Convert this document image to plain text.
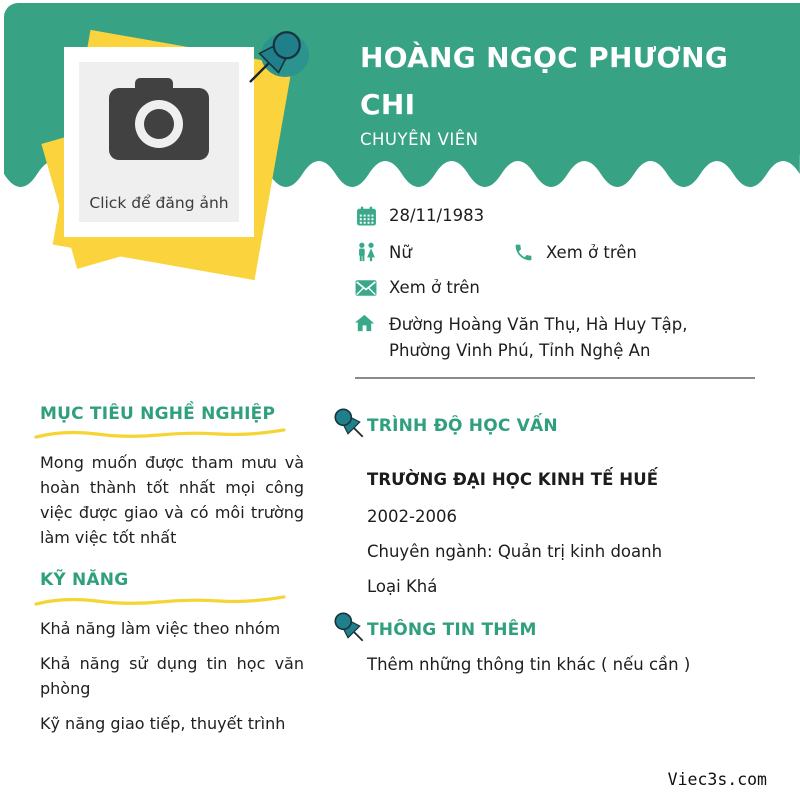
HOÀNG NGỌC PHƯƠNG CHI
CHUYÊN VIÊN
Click để đăng ảnh
28/11/1983
Nữ	Xem ở trên
Xem ở trên
Đường Hoàng Văn Thụ, Hà Huy Tập,
Phường Vinh Phú, Tỉnh Nghệ An
MỤC TIÊU NGHỀ NGHIỆP
Mong muốn được tham mưu và hoàn thành tốt nhất mọi công việc được giao và có môi trường làm việc tốt nhất
KỸ NĂNG
Khả năng làm việc theo nhóm
Khả năng sử dụng tin học văn phòng
Kỹ năng giao tiếp, thuyết trình
TRÌNH ĐỘ HỌC VẤN
TRƯỜNG ĐẠI HỌC KINH TẾ HUẾ
2002-2006
Chuyên ngành: Quản trị kinh doanh
Loại Khá
THÔNG TIN THÊM
Thêm những thông tin khác ( nếu cần )
Viec3s.com
